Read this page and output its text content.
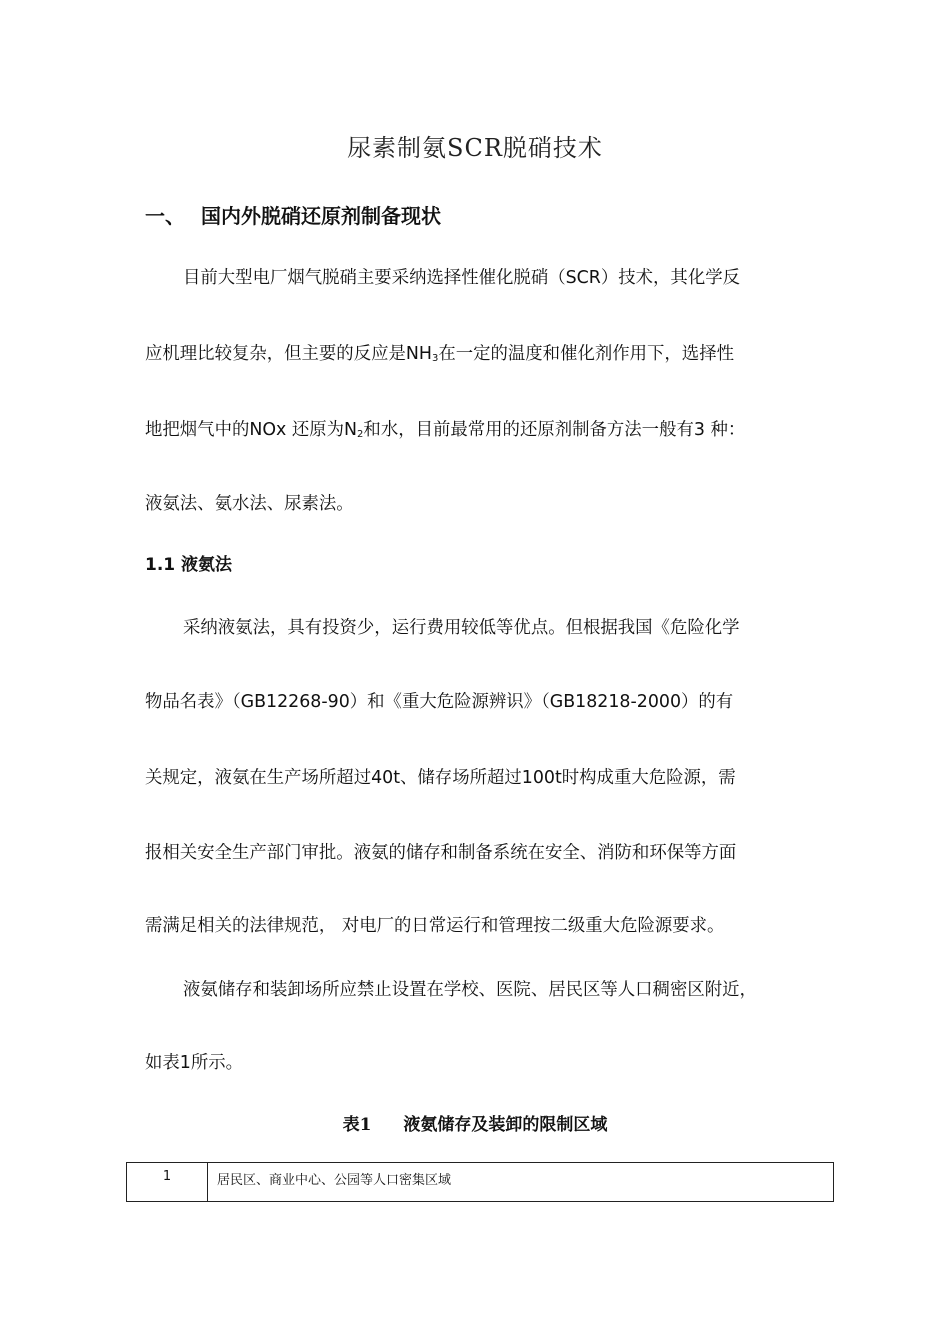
尿素制氨SCR脱硝技术
一、 国内外脱硝还原剂制备现状
目前大型电厂烟气脱硝主要采纳选择性催化脱硝（SCR）技术，其化学反
应机理比较复杂，但主要的反应是$NH_3$在一定的温度和催化剂作用下，选择性
地把烟气中的NOx 还原为$N_2$和水，目前最常用的还原剂制备方法一般有3 种：
液氨法、氨水法、尿素法。
1.1 液氨法
采纳液氨法，具有投资少，运行费用较低等优点。但根据我国《危险化学
物品名表》（GB12268-90）和《重大危险源辨识》（GB18218-2000）的有
关规定，液氨在生产场所超过40t、储存场所超过100t时构成重大危险源，需
报相关安全生产部门审批。液氨的储存和制备系统在安全、消防和环保等方面
需满足相关的法律规范， 对电厂的日常运行和管理按二级重大危险源要求。
液氨储存和装卸场所应禁止设置在学校、医院、居民区等人口稠密区附近，
如表1所示。
表1 液氨储存及装卸的限制区域
1	居民区、商业中心、公园等人口密集区域
